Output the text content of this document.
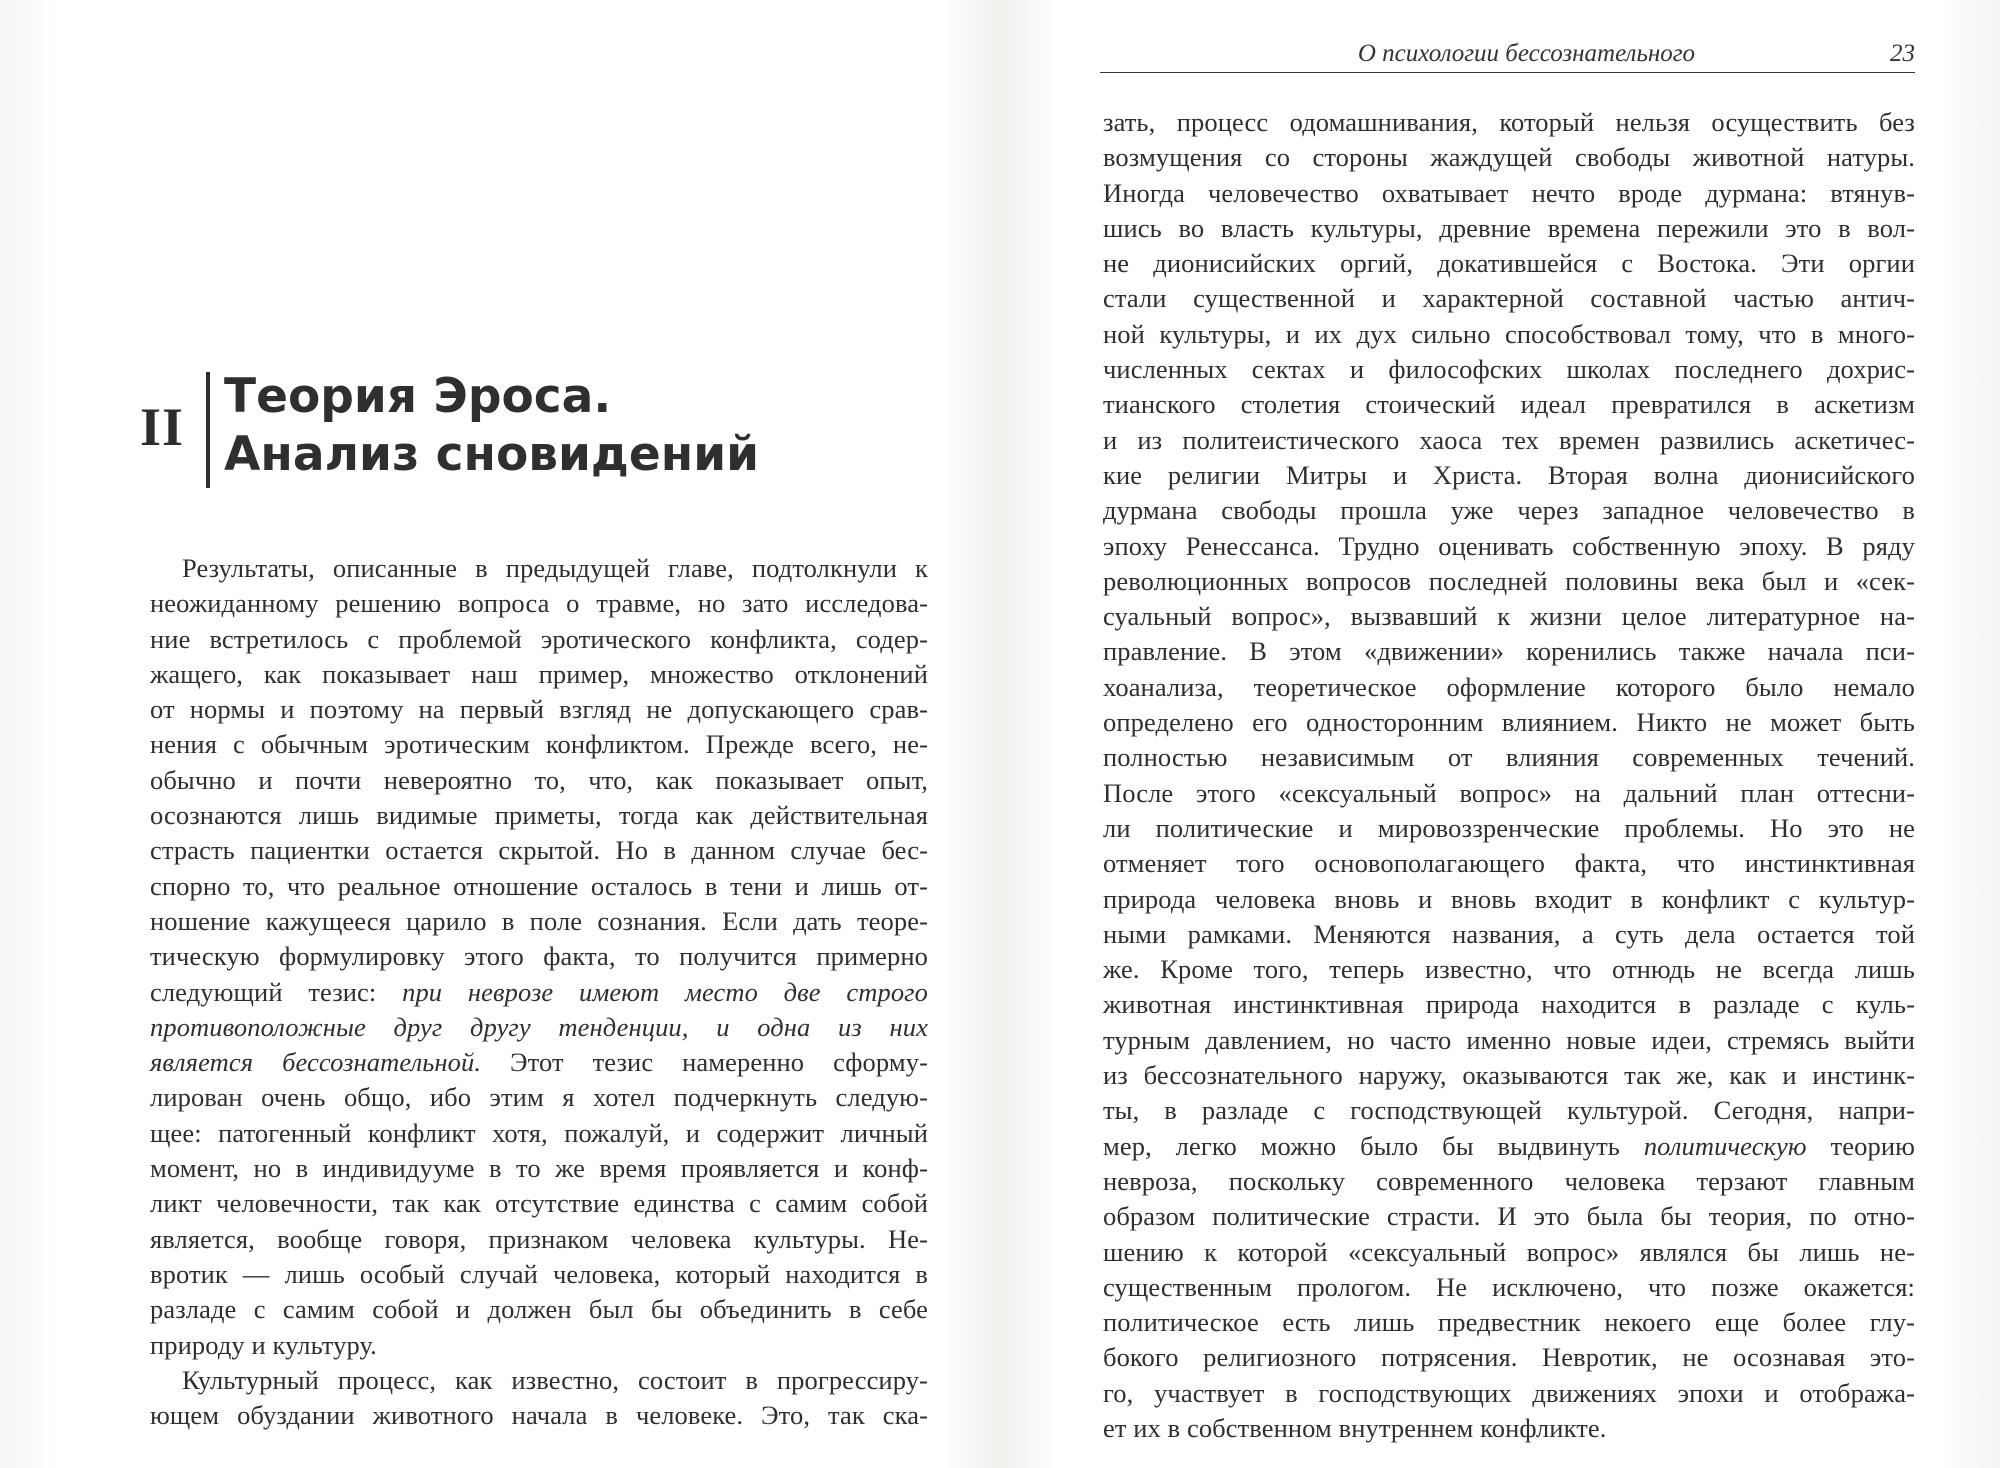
О психологии бессознательного	23
зать, процесс одомашнивания, который нельзя осуществить без
возмущения со стороны жаждущей свободы животной натуры.
Иногда человечество охватывает нечто вроде дурмана: втянув-
шись во власть культуры, древние времена пережили это в вол-
не дионисийских оргий, докатившейся с Востока. Эти оргии
стали существенной и характерной составной частью антич-
ной культуры, и их дух сильно способствовал тому, что в много-
численных сектах и философских школах последнего дохрис-
тианского столетия стоический идеал превратился в аскетизм
и из политеистического хаоса тех времен развились аскетичес-
кие религии Митры и Христа. Вторая волна дионисийского
дурмана свободы прошла уже через западное человечество в
эпоху Ренессанса. Трудно оценивать собственную эпоху. В ряду
революционных вопросов последней половины века был и «сек-
суальный вопрос», вызвавший к жизни целое литературное на-
правление. В этом «движении» коренились также начала пси-
хоанализа, теоретическое оформление которого было немало
определено его односторонним влиянием. Никто не может быть
полностью независимым от влияния современных течений.
После этого «сексуальный вопрос» на дальний план оттесни-
ли политические и мировоззренческие проблемы. Но это не
отменяет того основополагающего факта, что инстинктивная
природа человека вновь и вновь входит в конфликт с культур-
ными рамками. Меняются названия, а суть дела остается той
же. Кроме того, теперь известно, что отнюдь не всегда лишь
животная инстинктивная природа находится в разладе с куль-
турным давлением, но часто именно новые идеи, стремясь выйти
из бессознательного наружу, оказываются так же, как и инстинк-
ты, в разладе с господствующей культурой. Сегодня, напри-
мер, легко можно было бы выдвинуть политическую теорию
невроза, поскольку современного человека терзают главным
образом политические страсти. И это была бы теория, по отно-
шению к которой «сексуальный вопрос» являлся бы лишь не-
существенным прологом. Не исключено, что позже окажется:
политическое есть лишь предвестник некоего еще более глу-
бокого религиозного потрясения. Невротик, не осознавая это-
го, участвует в господствующих движениях эпохи и отобража-
ет их в собственном внутреннем конфликте.
II
Теория Эроса.
Анализ сновидений
Результаты, описанные в предыдущей главе, подтолкнули к
неожиданному решению вопроса о травме, но зато исследова-
ние встретилось с проблемой эротического конфликта, содер-
жащего, как показывает наш пример, множество отклонений
от нормы и поэтому на первый взгляд не допускающего срав-
нения с обычным эротическим конфликтом. Прежде всего, не-
обычно и почти невероятно то, что, как показывает опыт,
осознаются лишь видимые приметы, тогда как действительная
страсть пациентки остается скрытой. Но в данном случае бес-
спорно то, что реальное отношение осталось в тени и лишь от-
ношение кажущееся царило в поле сознания. Если дать теоре-
тическую формулировку этого факта, то получится примерно
следующий тезис: при неврозе имеют место две строго
противоположные друг другу тенденции, и одна из них
является бессознательной. Этот тезис намеренно сформу-
лирован очень общо, ибо этим я хотел подчеркнуть следую-
щее: патогенный конфликт хотя, пожалуй, и содержит личный
момент, но в индивидууме в то же время проявляется и конф-
ликт человечности, так как отсутствие единства с самим собой
является, вообще говоря, признаком человека культуры. Не-
вротик — лишь особый случай человека, который находится в
разладе с самим собой и должен был бы объединить в себе
природу и культуру.
Культурный процесс, как известно, состоит в прогрессиру-
ющем обуздании животного начала в человеке. Это, так ска-
